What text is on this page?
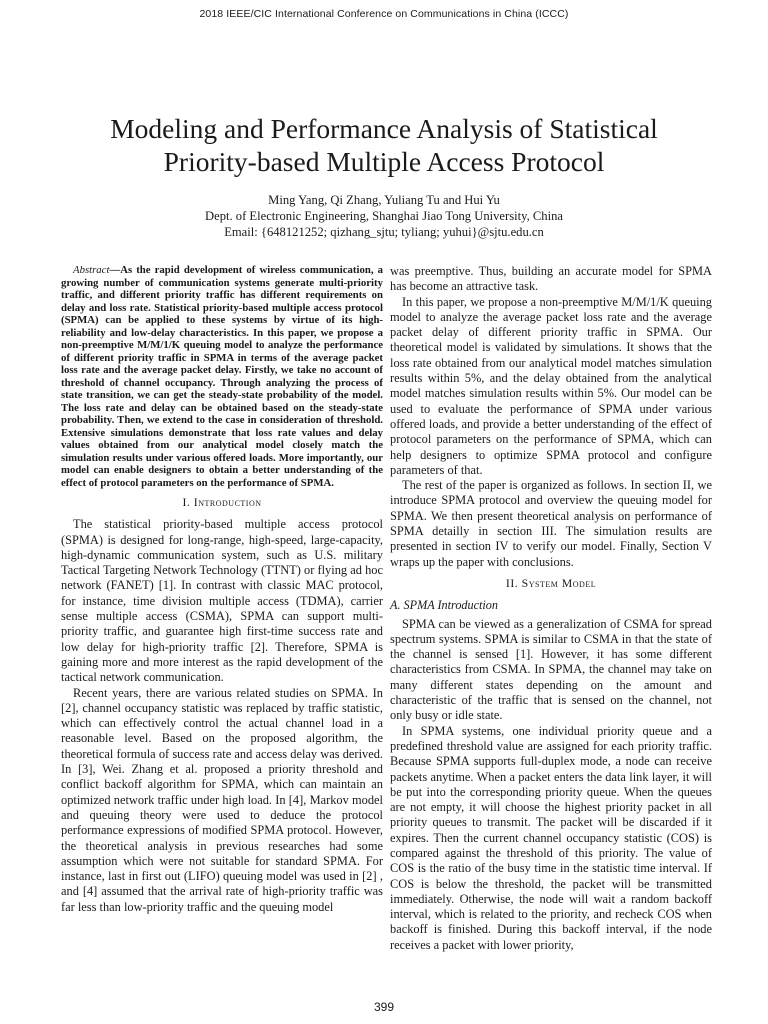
2018 IEEE/CIC International Conference on Communications in China (ICCC)
Modeling and Performance Analysis of Statistical
Priority-based Multiple Access Protocol
Ming Yang, Qi Zhang, Yuliang Tu and Hui Yu
Dept. of Electronic Engineering, Shanghai Jiao Tong University, China
Email: {648121252; qizhang_sjtu; tyliang; yuhui}@sjtu.edu.cn

Abstract—As the rapid development of wireless communication, a growing number of communication systems generate multi-priority traffic, and different priority traffic has different requirements on delay and loss rate. Statistical priority-based multiple access protocol (SPMA) can be applied to these systems by virtue of its high-reliability and low-delay characteristics. In this paper, we propose a non-preemptive M/M/1/K queuing model to analyze the performance of different priority traffic in SPMA in terms of the average packet loss rate and the average packet delay. Firstly, we take no account of threshold of channel occupancy. Through analyzing the process of state transition, we can get the steady-state probability of the model. The loss rate and delay can be obtained based on the steady-state probability. Then, we extend to the case in consideration of threshold. Extensive simulations demonstrate that loss rate values and delay values obtained from our analytical model closely match the simulation results under various offered loads. More importantly, our model can enable designers to obtain a better understanding of the effect of protocol parameters on the performance of SPMA.

I. Introduction

The statistical priority-based multiple access protocol (SPMA) is designed for long-range, high-speed, large-capacity, high-dynamic communication system, such as U.S. military Tactical Targeting Network Technology (TTNT) or flying ad hoc network (FANET) [1]. In contrast with classic MAC protocol, for instance, time division multiple access (TDMA), carrier sense multiple access (CSMA), SPMA can support multi-priority traffic, and guarantee high first-time success rate and low delay for high-priority traffic [2]. Therefore, SPMA is gaining more and more interest as the rapid development of the tactical network communication.

Recent years, there are various related studies on SPMA. In [2], channel occupancy statistic was replaced by traffic statistic, which can effectively control the actual channel load in a reasonable level. Based on the proposed algorithm, the theoretical formula of success rate and access delay was derived. In [3], Wei. Zhang et al. proposed a priority threshold and conflict backoff algorithm for SPMA, which can maintain an optimized network traffic under high load. In [4], Markov model and queuing theory were used to deduce the protocol performance expressions of modified SPMA protocol. However, the theoretical analysis in previous researches had some assumption which were not suitable for standard SPMA. For instance, last in first out (LIFO) queuing model was used in [2] , and [4] assumed that the arrival rate of high-priority traffic was far less than low-priority traffic and the queuing model

was preemptive. Thus, building an accurate model for SPMA has become an attractive task.

In this paper, we propose a non-preemptive M/M/1/K queuing model to analyze the average packet loss rate and the average packet delay of different priority traffic in SPMA. Our theoretical model is validated by simulations. It shows that the loss rate obtained from our analytical model matches simulation results within 5%, and the delay obtained from the analytical model matches simulation results within 5%. Our model can be used to evaluate the performance of SPMA under various offered loads, and provide a better understanding of the effect of protocol parameters on the performance of SPMA, which can help designers to optimize SPMA protocol and configure parameters of that.

The rest of the paper is organized as follows. In section II, we introduce SPMA protocol and overview the queuing model for SPMA. We then present theoretical analysis on performance of SPMA detailly in section III. The simulation results are presented in section IV to verify our model. Finally, Section V wraps up the paper with conclusions.

II. System Model
A. SPMA Introduction

SPMA can be viewed as a generalization of CSMA for spread spectrum systems. SPMA is similar to CSMA in that the state of the channel is sensed [1]. However, it has some different characteristics from CSMA. In SPMA, the channel may take on many different states depending on the amount and characteristic of the traffic that is sensed on the channel, not only busy or idle state.

In SPMA systems, one individual priority queue and a predefined threshold value are assigned for each priority traffic. Because SPMA supports full-duplex mode, a node can receive packets anytime. When a packet enters the data link layer, it will be put into the corresponding priority queue. When the queues are not empty, it will choose the highest priority packet in all priority queues to transmit. The packet will be discarded if it expires. Then the current channel occupancy statistic (COS) is compared against the threshold of this priority. The value of COS is the ratio of the busy time in the statistic time interval. If COS is below the threshold, the packet will be transmitted immediately. Otherwise, the node will wait a random backoff interval, which is related to the priority, and recheck COS when backoff is finished. During this backoff interval, if the node receives a packet with lower priority,

399
